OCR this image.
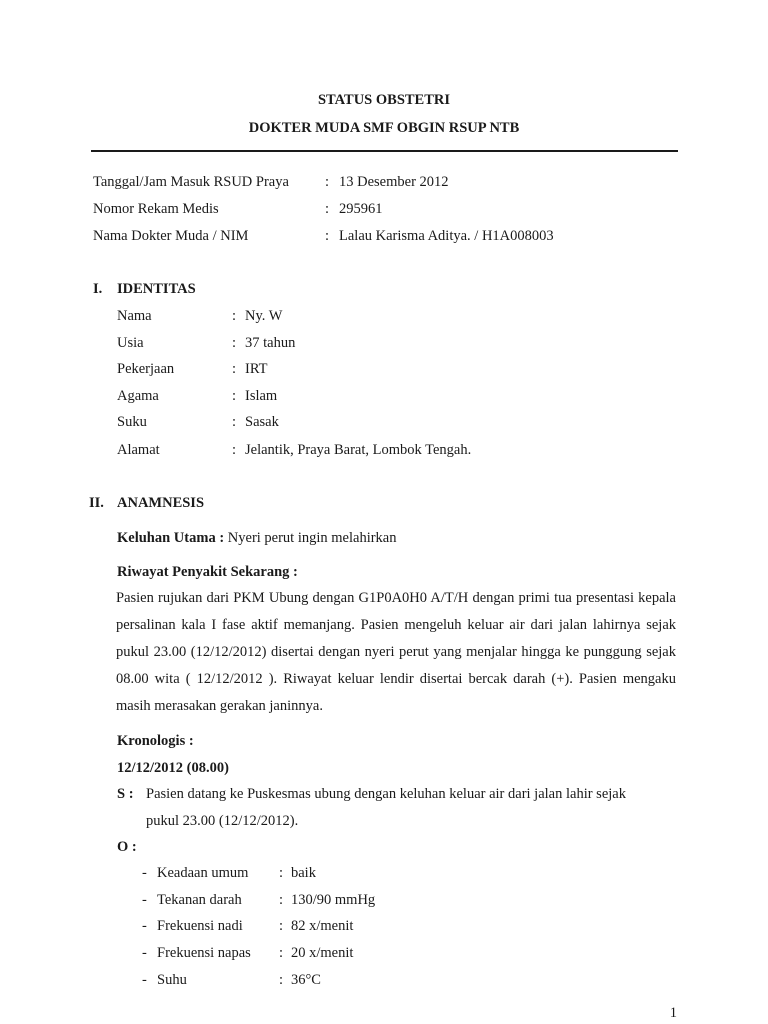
STATUS OBSTETRI
DOKTER MUDA SMF OBGIN RSUP NTB
Tanggal/Jam Masuk RSUD Praya : 13 Desember 2012
Nomor Rekam Medis	: 295961
Nama Dokter Muda / NIM	: Lalau Karisma Aditya. / H1A008003
I. IDENTITAS
Nama	: Ny. W
Usia	: 37 tahun
Pekerjaan	: IRT
Agama	: Islam
Suku	: Sasak
Alamat	: Jelantik, Praya Barat, Lombok Tengah.
II. ANAMNESIS
Keluhan Utama : Nyeri perut ingin melahirkan
Riwayat Penyakit Sekarang :
Pasien rujukan dari PKM Ubung dengan G1P0A0H0 A/T/H dengan primi tua presentasi kepala persalinan kala I fase aktif memanjang. Pasien mengeluh keluar air dari jalan lahirnya sejak pukul 23.00 (12/12/2012) disertai dengan nyeri perut yang menjalar hingga ke punggung sejak 08.00 wita ( 12/12/2012 ). Riwayat keluar lendir disertai bercak darah (+). Pasien mengaku masih merasakan gerakan janinnya.
Kronologis :
12/12/2012 (08.00)
S : Pasien datang ke Puskesmas ubung dengan keluhan keluar air dari jalan lahir sejak
pukul 23.00 (12/12/2012).
O :
- Keadaan umum : baik
- Tekanan darah	: 130/90 mmHg
- Frekuensi nadi : 82 x/menit
- Frekuensi napas : 20 x/menit
- Suhu	: 36°C
1
